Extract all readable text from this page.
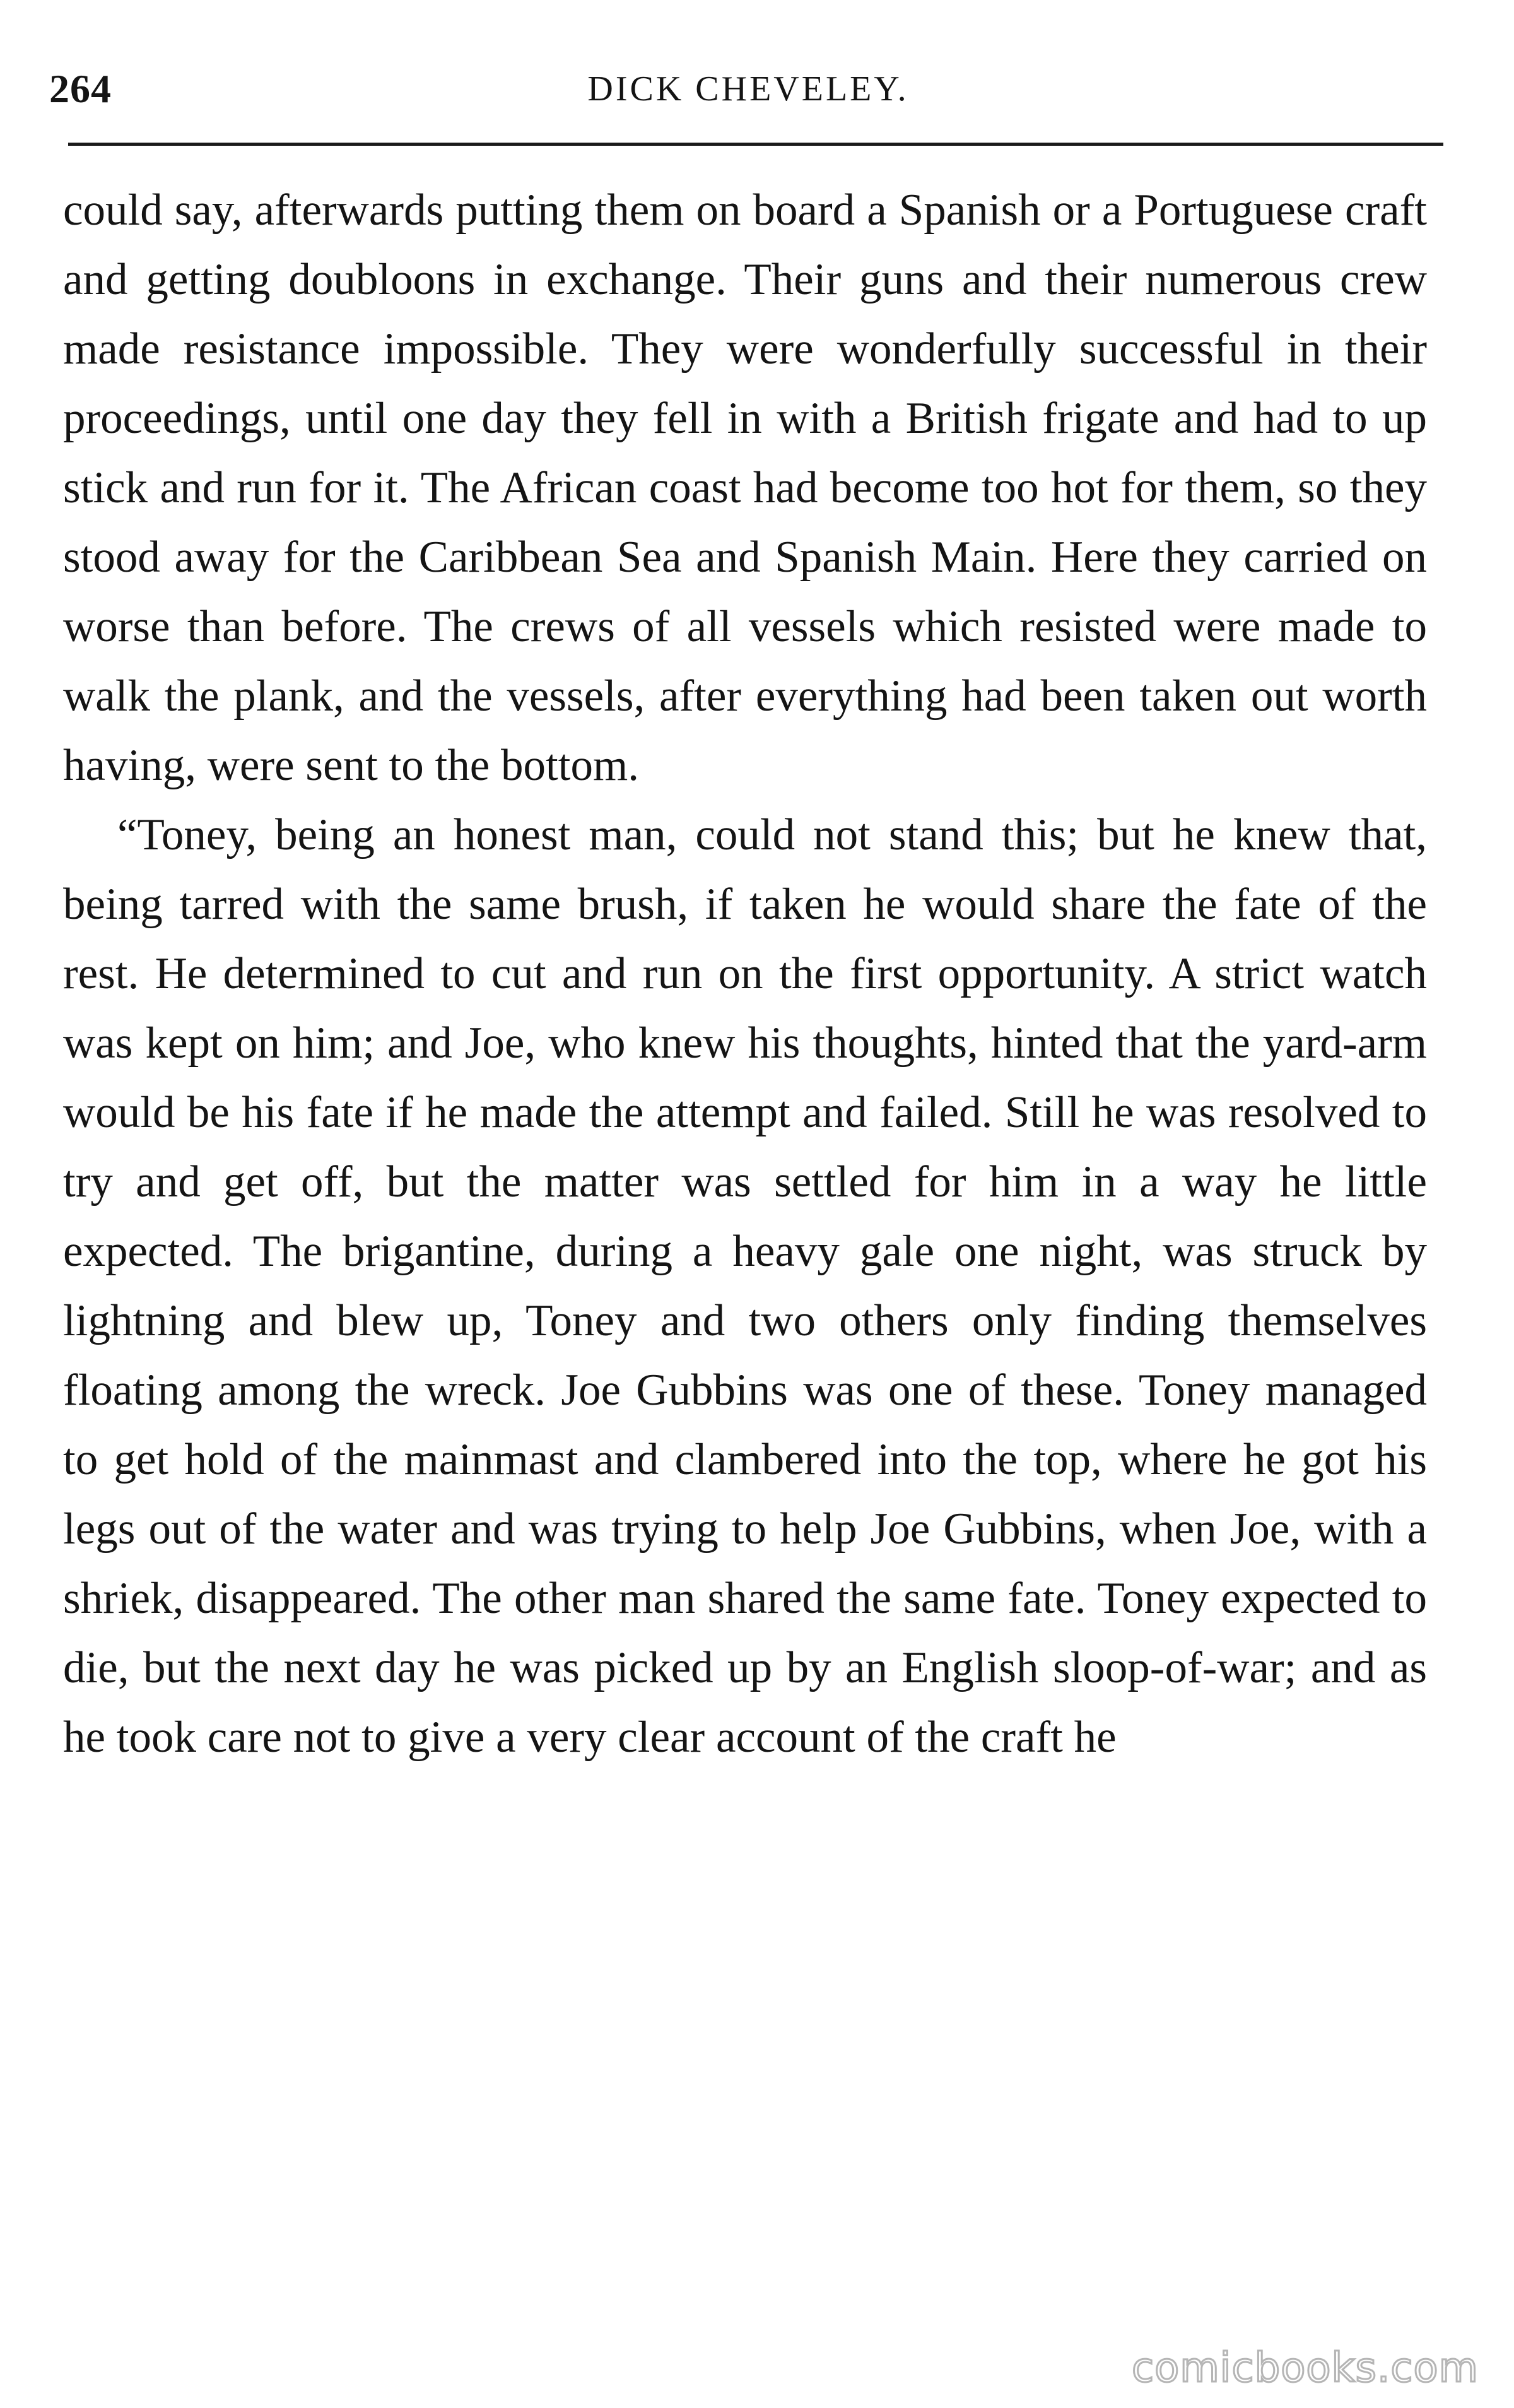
264	DICK CHEVELEY.

could say, afterwards putting them on board a Spanish or a Portuguese craft and getting doubloons in exchange. Their guns and their numerous crew made resistance impossible. They were wonderfully successful in their proceedings, until one day they fell in with a British frigate and had to up stick and run for it. The African coast had become too hot for them, so they stood away for the Caribbean Sea and Spanish Main. Here they carried on worse than before. The crews of all vessels which resisted were made to walk the plank, and the vessels, after everything had been taken out worth having, were sent to the bottom.

“Toney, being an honest man, could not stand this; but he knew that, being tarred with the same brush, if taken he would share the fate of the rest. He determined to cut and run on the first opportunity. A strict watch was kept on him; and Joe, who knew his thoughts, hinted that the yard-arm would be his fate if he made the attempt and failed. Still he was resolved to try and get off, but the matter was settled for him in a way he little expected. The brigantine, during a heavy gale one night, was struck by lightning and blew up, Toney and two others only finding themselves floating among the wreck. Joe Gubbins was one of these. Toney managed to get hold of the mainmast and clambered into the top, where he got his legs out of the water and was trying to help Joe Gubbins, when Joe, with a shriek, disappeared. The other man shared the same fate. Toney expected to die, but the next day he was picked up by an English sloop-of-war; and as he took care not to give a very clear account of the craft he

comicbooks.com
